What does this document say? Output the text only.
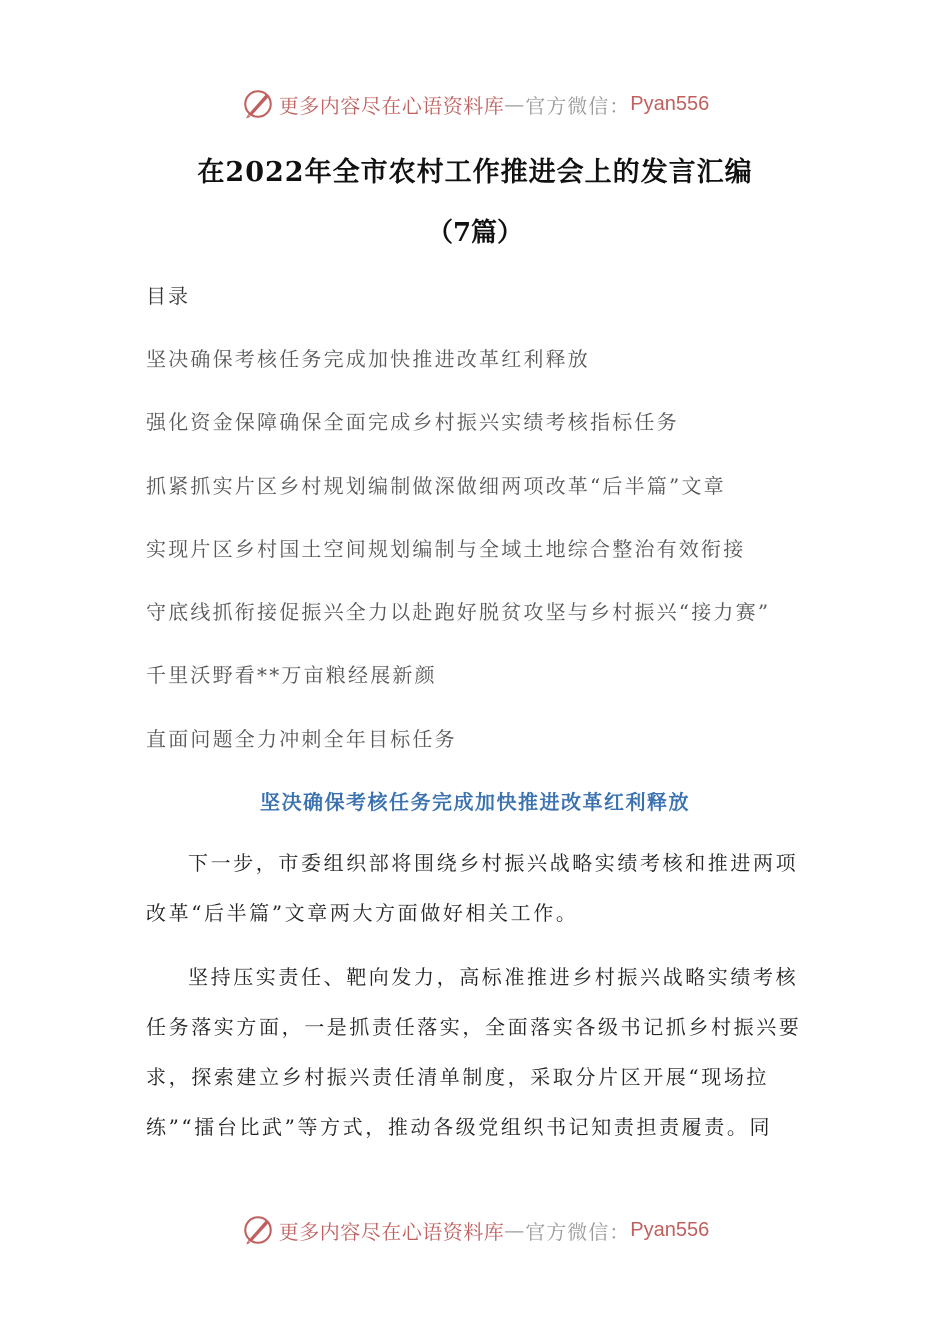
更多内容尽在心语资料库 — 官方微信： Pyan556
在2022年全市农村工作推进会上的发言汇编
（7篇）
目录
坚决确保考核任务完成加快推进改革红利释放
强化资金保障确保全面完成乡村振兴实绩考核指标任务
抓紧抓实片区乡村规划编制做深做细两项改革“后半篇”文章
实现片区乡村国土空间规划编制与全域土地综合整治有效衔接
守底线抓衔接促振兴全力以赴跑好脱贫攻坚与乡村振兴“接力赛”
千里沃野看**万亩粮经展新颜
直面问题全力冲刺全年目标任务
坚决确保考核任务完成加快推进改革红利释放

下一步，市委组织部将围绕乡村振兴战略实绩考核和推进两项
改革“后半篇”文章两大方面做好相关工作。

坚持压实责任、靶向发力，高标准推进乡村振兴战略实绩考核
任务落实方面，一是抓责任落实，全面落实各级书记抓乡村振兴要
求，探索建立乡村振兴责任清单制度，采取分片区开展“现场拉
练”“擂台比武”等方式，推动各级党组织书记知责担责履责。同

更多内容尽在心语资料库 — 官方微信： Pyan556
